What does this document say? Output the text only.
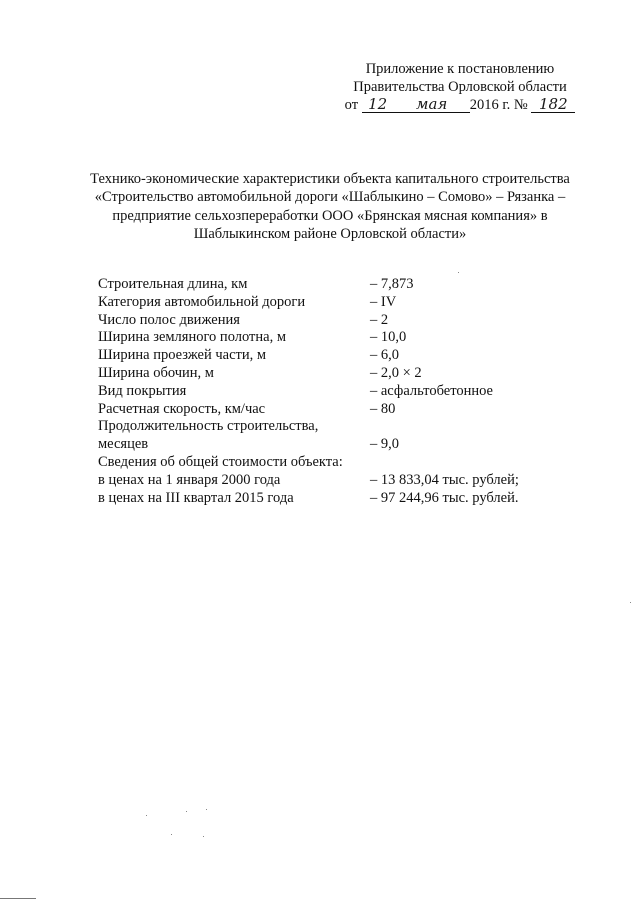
Приложение к постановлению
Правительства Орловской области
от
12	мая	2016 г. №
182
Технико-экономические характеристики объекта капитального строительства «Строительство автомобильной дороги «Шаблыкино – Сомово» – Рязанка – предприятие сельхозпереработки ООО «Брянская мясная компания» в Шаблыкинском районе Орловской области»
Строительная длина, км	– 7,873
Категория автомобильной дороги	– IV
Число полос движения	– 2
Ширина земляного полотна, м	– 10,0
Ширина проезжей части, м	– 6,0
Ширина обочин, м	– 2,0 × 2
Вид покрытия	– асфальтобетонное
Расчетная скорость, км/час	– 80
Продолжительность строительства,
месяцев	– 9,0
Сведения об общей стоимости объекта:
в ценах на 1 января 2000 года	– 13 833,04 тыс. рублей;
в ценах на III квартал 2015 года	– 97 244,96 тыс. рублей.
